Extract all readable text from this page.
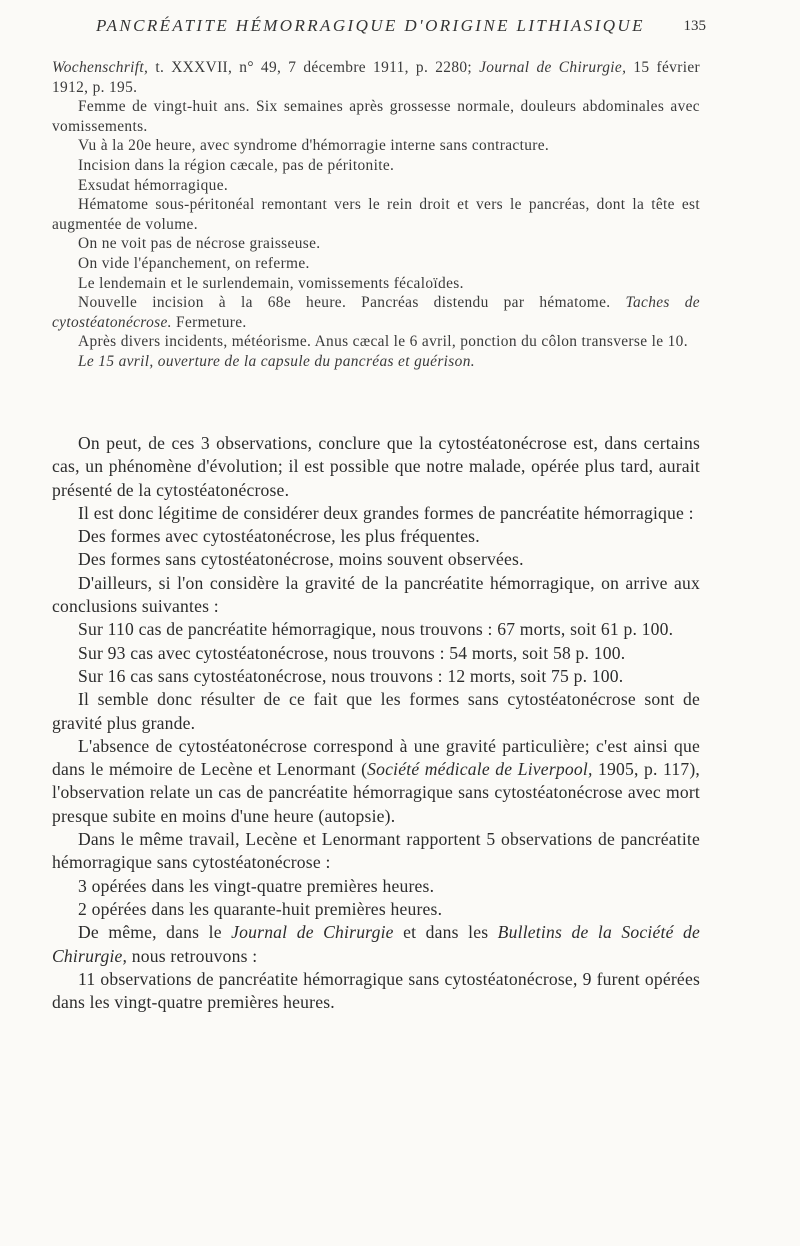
PANCRÉATITE HÉMORRAGIQUE D'ORIGINE LITHIASIQUE	135

Wochenschrift, t. XXXVII, n° 49, 7 décembre 1911, p. 2280; Journal de Chirurgie, 15 février 1912, p. 195.

Femme de vingt-huit ans. Six semaines après grossesse normale, douleurs abdominales avec vomissements.

Vu à la 20e heure, avec syndrome d'hémorragie interne sans contracture.

Incision dans la région cæcale, pas de péritonite.

Exsudat hémorragique.

Hématome sous-péritonéal remontant vers le rein droit et vers le pancréas, dont la tête est augmentée de volume.

On ne voit pas de nécrose graisseuse.

On vide l'épanchement, on referme.

Le lendemain et le surlendemain, vomissements fécaloïdes.

Nouvelle incision à la 68e heure. Pancréas distendu par hématome. Taches de cytostéatonécrose. Fermeture.

Après divers incidents, météorisme. Anus cæcal le 6 avril, ponction du côlon transverse le 10.

Le 15 avril, ouverture de la capsule du pancréas et guérison.

On peut, de ces 3 observations, conclure que la cytostéatonécrose est, dans certains cas, un phénomène d'évolution; il est possible que notre malade, opérée plus tard, aurait présenté de la cytostéatonécrose.

Il est donc légitime de considérer deux grandes formes de pancréatite hémorragique :

Des formes avec cytostéatonécrose, les plus fréquentes.

Des formes sans cytostéatonécrose, moins souvent observées.

D'ailleurs, si l'on considère la gravité de la pancréatite hémorragique, on arrive aux conclusions suivantes :

Sur 110 cas de pancréatite hémorragique, nous trouvons : 67 morts, soit 61 p. 100.

Sur 93 cas avec cytostéatonécrose, nous trouvons : 54 morts, soit 58 p. 100.

Sur 16 cas sans cytostéatonécrose, nous trouvons : 12 morts, soit 75 p. 100.

Il semble donc résulter de ce fait que les formes sans cytostéatonécrose sont de gravité plus grande.

L'absence de cytostéatonécrose correspond à une gravité particulière; c'est ainsi que dans le mémoire de Lecène et Lenormant (Société médicale de Liverpool, 1905, p. 117), l'observation relate un cas de pancréatite hémorragique sans cytostéatonécrose avec mort presque subite en moins d'une heure (autopsie).

Dans le même travail, Lecène et Lenormant rapportent 5 observations de pancréatite hémorragique sans cytostéatonécrose :

3 opérées dans les vingt-quatre premières heures.

2 opérées dans les quarante-huit premières heures.

De même, dans le Journal de Chirurgie et dans les Bulletins de la Société de Chirurgie, nous retrouvons :

11 observations de pancréatite hémorragique sans cytostéatonécrose, 9 furent opérées dans les vingt-quatre premières heures.
